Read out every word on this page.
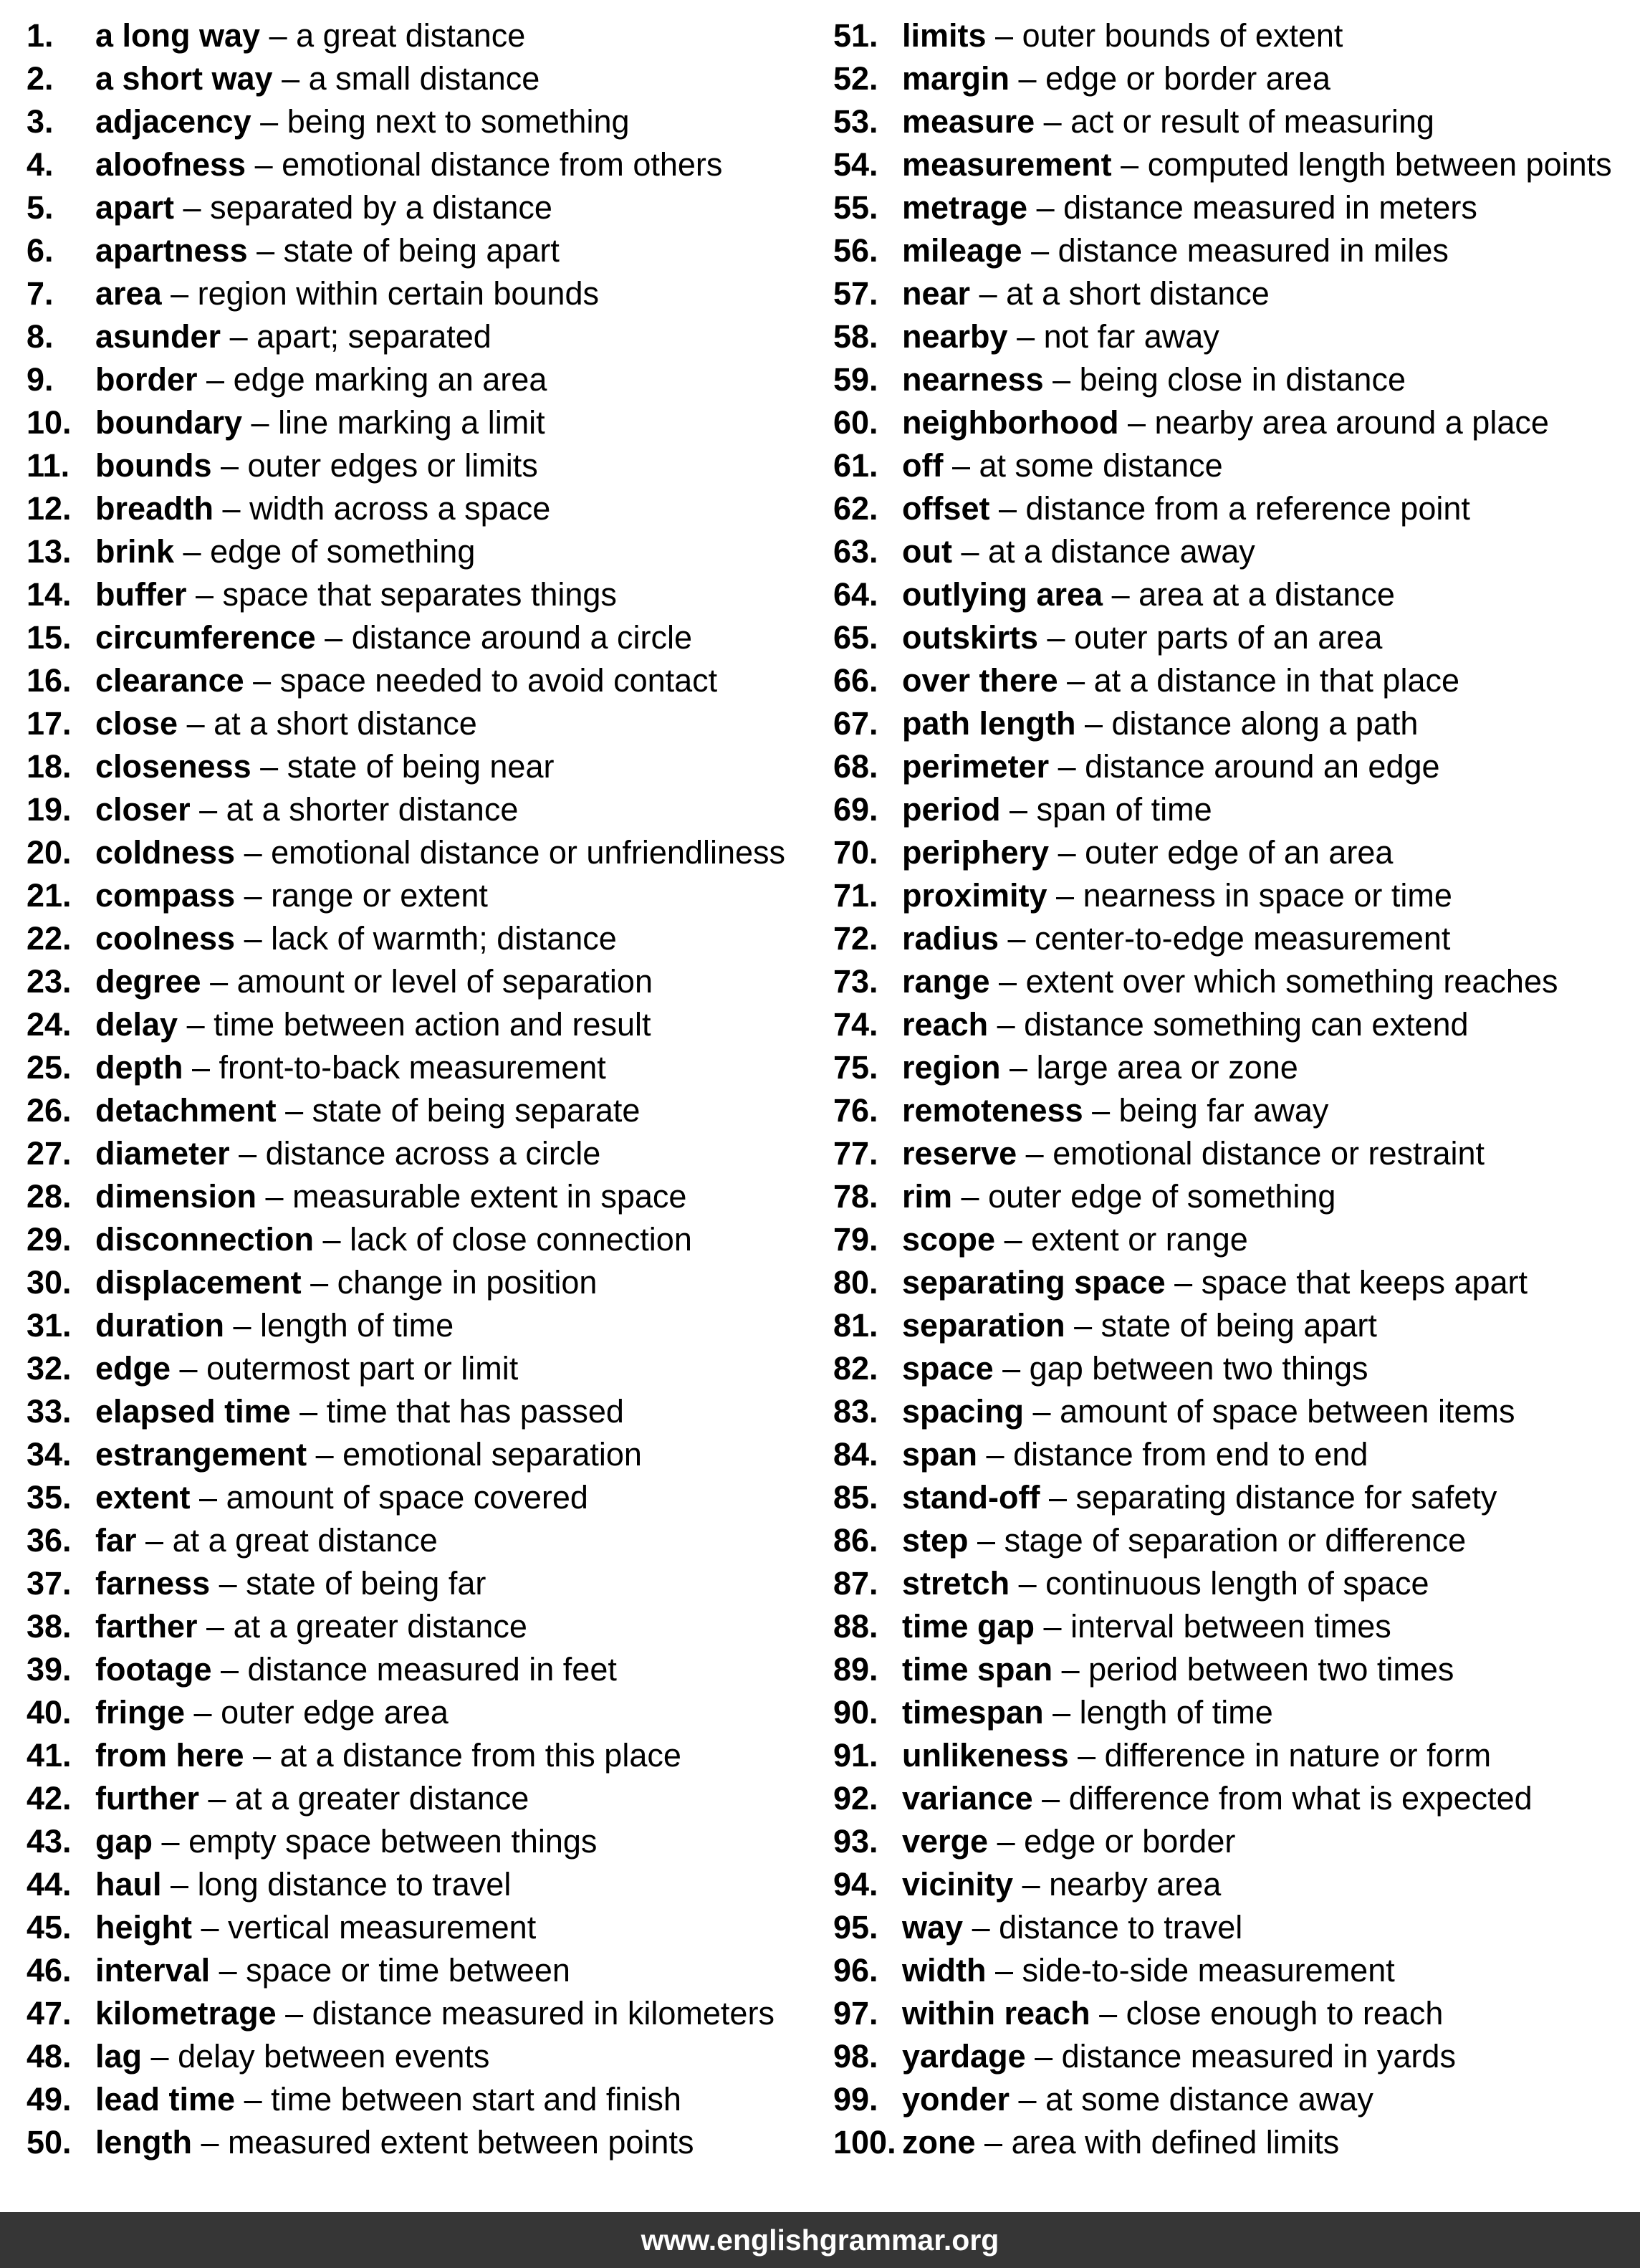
1. a long way – a great distance
2. a short way – a small distance
3. adjacency – being next to something
4. aloofness – emotional distance from others
5. apart – separated by a distance
6. apartness – state of being apart
7. area – region within certain bounds
8. asunder – apart; separated
9. border – edge marking an area
10. boundary – line marking a limit
11. bounds – outer edges or limits
12. breadth – width across a space
13. brink – edge of something
14. buffer – space that separates things
15. circumference – distance around a circle
16. clearance – space needed to avoid contact
17. close – at a short distance
18. closeness – state of being near
19. closer – at a shorter distance
20. coldness – emotional distance or unfriendliness
21. compass – range or extent
22. coolness – lack of warmth; distance
23. degree – amount or level of separation
24. delay – time between action and result
25. depth – front-to-back measurement
26. detachment – state of being separate
27. diameter – distance across a circle
28. dimension – measurable extent in space
29. disconnection – lack of close connection
30. displacement – change in position
31. duration – length of time
32. edge – outermost part or limit
33. elapsed time – time that has passed
34. estrangement – emotional separation
35. extent – amount of space covered
36. far – at a great distance
37. farness – state of being far
38. farther – at a greater distance
39. footage – distance measured in feet
40. fringe – outer edge area
41. from here – at a distance from this place
42. further – at a greater distance
43. gap – empty space between things
44. haul – long distance to travel
45. height – vertical measurement
46. interval – space or time between
47. kilometrage – distance measured in kilometers
48. lag – delay between events
49. lead time – time between start and finish
50. length – measured extent between points
51. limits – outer bounds of extent
52. margin – edge or border area
53. measure – act or result of measuring
54. measurement – computed length between points
55. metrage – distance measured in meters
56. mileage – distance measured in miles
57. near – at a short distance
58. nearby – not far away
59. nearness – being close in distance
60. neighborhood – nearby area around a place
61. off – at some distance
62. offset – distance from a reference point
63. out – at a distance away
64. outlying area – area at a distance
65. outskirts – outer parts of an area
66. over there – at a distance in that place
67. path length – distance along a path
68. perimeter – distance around an edge
69. period – span of time
70. periphery – outer edge of an area
71. proximity – nearness in space or time
72. radius – center-to-edge measurement
73. range – extent over which something reaches
74. reach – distance something can extend
75. region – large area or zone
76. remoteness – being far away
77. reserve – emotional distance or restraint
78. rim – outer edge of something
79. scope – extent or range
80. separating space – space that keeps apart
81. separation – state of being apart
82. space – gap between two things
83. spacing – amount of space between items
84. span – distance from end to end
85. stand-off – separating distance for safety
86. step – stage of separation or difference
87. stretch – continuous length of space
88. time gap – interval between times
89. time span – period between two times
90. timespan – length of time
91. unlikeness – difference in nature or form
92. variance – difference from what is expected
93. verge – edge or border
94. vicinity – nearby area
95. way – distance to travel
96. width – side-to-side measurement
97. within reach – close enough to reach
98. yardage – distance measured in yards
99. yonder – at some distance away
100. zone – area with defined limits
www.englishgrammar.org
